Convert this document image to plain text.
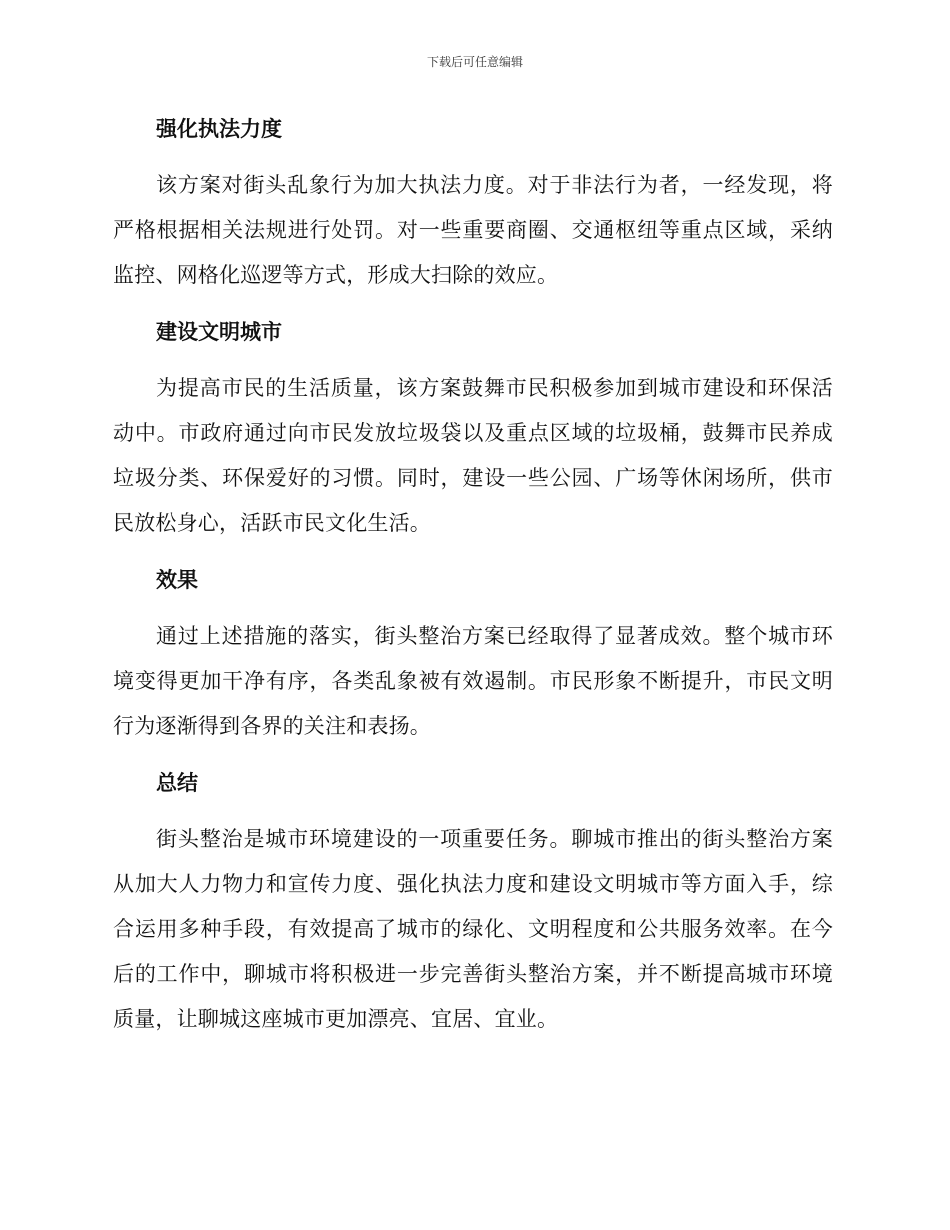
下载后可任意编辑
强化执法力度
该方案对街头乱象行为加大执法力度。对于非法行为者，一经发现，将严格根据相关法规进行处罚。对一些重要商圈、交通枢纽等重点区域，采纳监控、网格化巡逻等方式，形成大扫除的效应。
建设文明城市
为提高市民的生活质量，该方案鼓舞市民积极参加到城市建设和环保活动中。市政府通过向市民发放垃圾袋以及重点区域的垃圾桶，鼓舞市民养成垃圾分类、环保爱好的习惯。同时，建设一些公园、广场等休闲场所，供市民放松身心，活跃市民文化生活。
效果
通过上述措施的落实，街头整治方案已经取得了显著成效。整个城市环境变得更加干净有序，各类乱象被有效遏制。市民形象不断提升，市民文明行为逐渐得到各界的关注和表扬。
总结
街头整治是城市环境建设的一项重要任务。聊城市推出的街头整治方案从加大人力物力和宣传力度、强化执法力度和建设文明城市等方面入手，综合运用多种手段，有效提高了城市的绿化、文明程度和公共服务效率。在今后的工作中，聊城市将积极进一步完善街头整治方案，并不断提高城市环境质量，让聊城这座城市更加漂亮、宜居、宜业。
